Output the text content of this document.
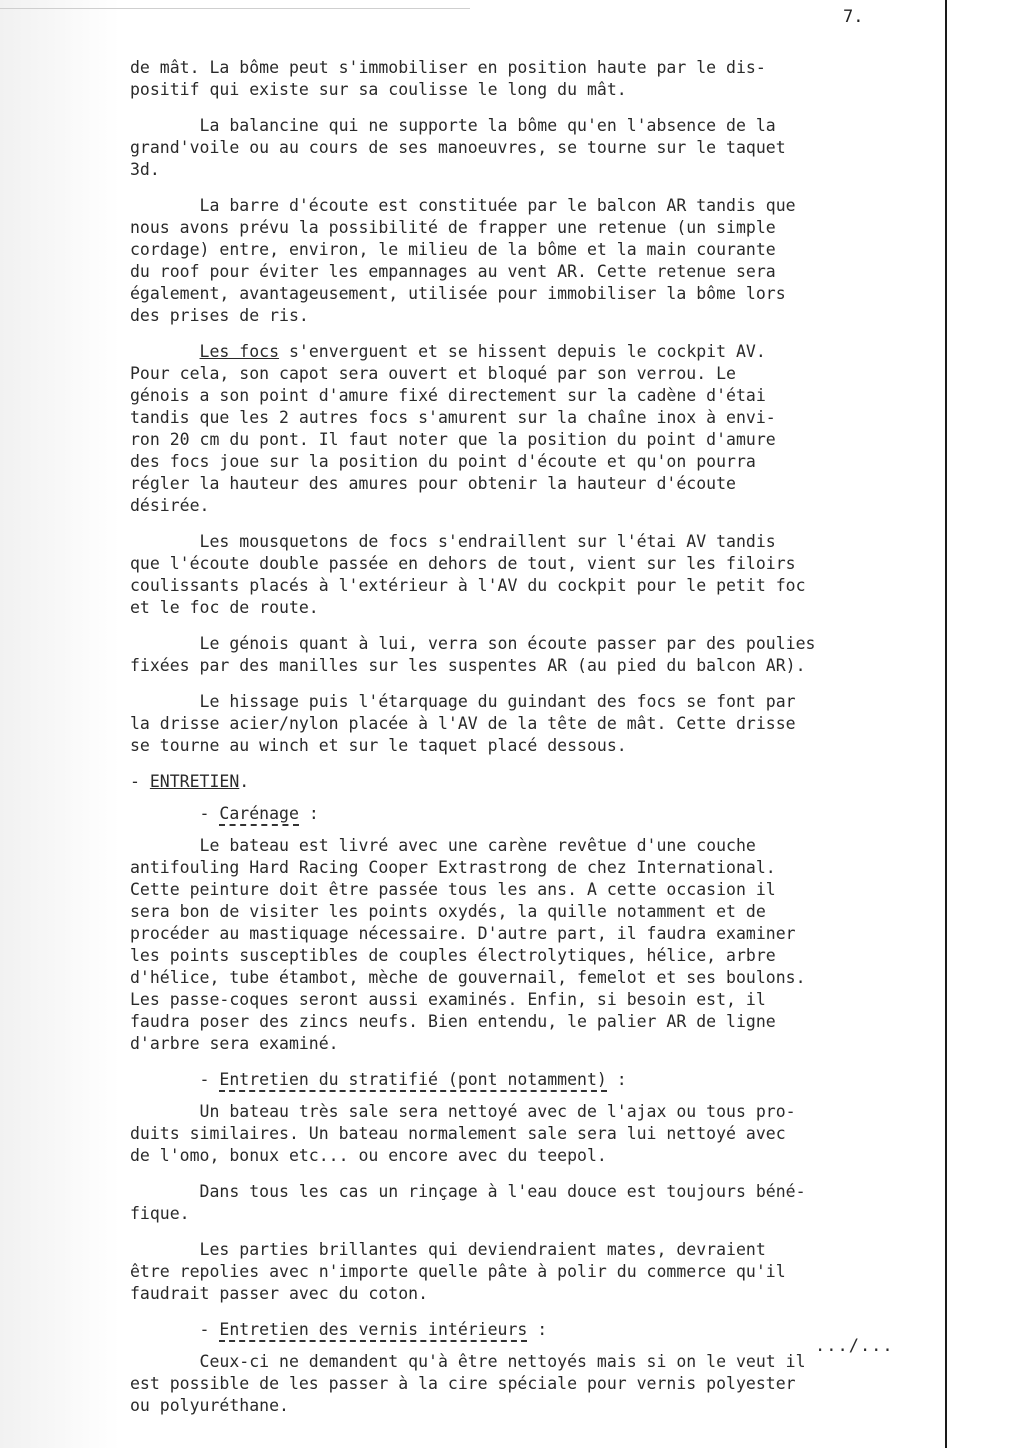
7.
de mât. La bôme peut s'immobiliser en position haute par le dis-
positif qui existe sur sa coulisse le long du mât.
La balancine qui ne supporte la bôme qu'en l'absence de la
grand'voile ou au cours de ses manoeuvres, se tourne sur le taquet
3d.
La barre d'écoute est constituée par le balcon AR tandis que
nous avons prévu la possibilité de frapper une retenue (un simple
cordage) entre, environ, le milieu de la bôme et la main courante
du roof pour éviter les empannages au vent AR. Cette retenue sera
également, avantageusement, utilisée pour immobiliser la bôme lors
des prises de ris.
Les focs s'enverguent et se hissent depuis le cockpit AV.
Pour cela, son capot sera ouvert et bloqué par son verrou. Le
génois a son point d'amure fixé directement sur la cadène d'étai
tandis que les 2 autres focs s'amurent sur la chaîne inox à envi-
ron 20 cm du pont. Il faut noter que la position du point d'amure
des focs joue sur la position du point d'écoute et qu'on pourra
régler la hauteur des amures pour obtenir la hauteur d'écoute
désirée.
Les mousquetons de focs s'endraillent sur l'étai AV tandis
que l'écoute double passée en dehors de tout, vient sur les filoirs
coulissants placés à l'extérieur à l'AV du cockpit pour le petit foc
et le foc de route.
Le génois quant à lui, verra son écoute passer par des poulies
fixées par des manilles sur les suspentes AR (au pied du balcon AR).
Le hissage puis l'étarquage du guindant des focs se font par
la drisse acier/nylon placée à l'AV de la tête de mât. Cette drisse
se tourne au winch et sur le taquet placé dessous.
- ENTRETIEN.
- Carénage :
Le bateau est livré avec une carène revêtue d'une couche
antifouling Hard Racing Cooper Extrastrong de chez International.
Cette peinture doit être passée tous les ans. A cette occasion il
sera bon de visiter les points oxydés, la quille notamment et de
procéder au mastiquage nécessaire. D'autre part, il faudra examiner
les points susceptibles de couples électrolytiques, hélice, arbre
d'hélice, tube étambot, mèche de gouvernail, femelot et ses boulons.
Les passe-coques seront aussi examinés. Enfin, si besoin est, il
faudra poser des zincs neufs. Bien entendu, le palier AR de ligne
d'arbre sera examiné.
- Entretien du stratifié (pont notamment) :
Un bateau très sale sera nettoyé avec de l'ajax ou tous pro-
duits similaires. Un bateau normalement sale sera lui nettoyé avec
de l'omo, bonux etc... ou encore avec du teepol.
Dans tous les cas un rinçage à l'eau douce est toujours béné-
fique.
Les parties brillantes qui deviendraient mates, devraient
être repolies avec n'importe quelle pâte à polir du commerce qu'il
faudrait passer avec du coton.
- Entretien des vernis intérieurs :
Ceux-ci ne demandent qu'à être nettoyés mais si on le veut il
est possible de les passer à la cire spéciale pour vernis polyester
ou polyuréthane.
.../...
